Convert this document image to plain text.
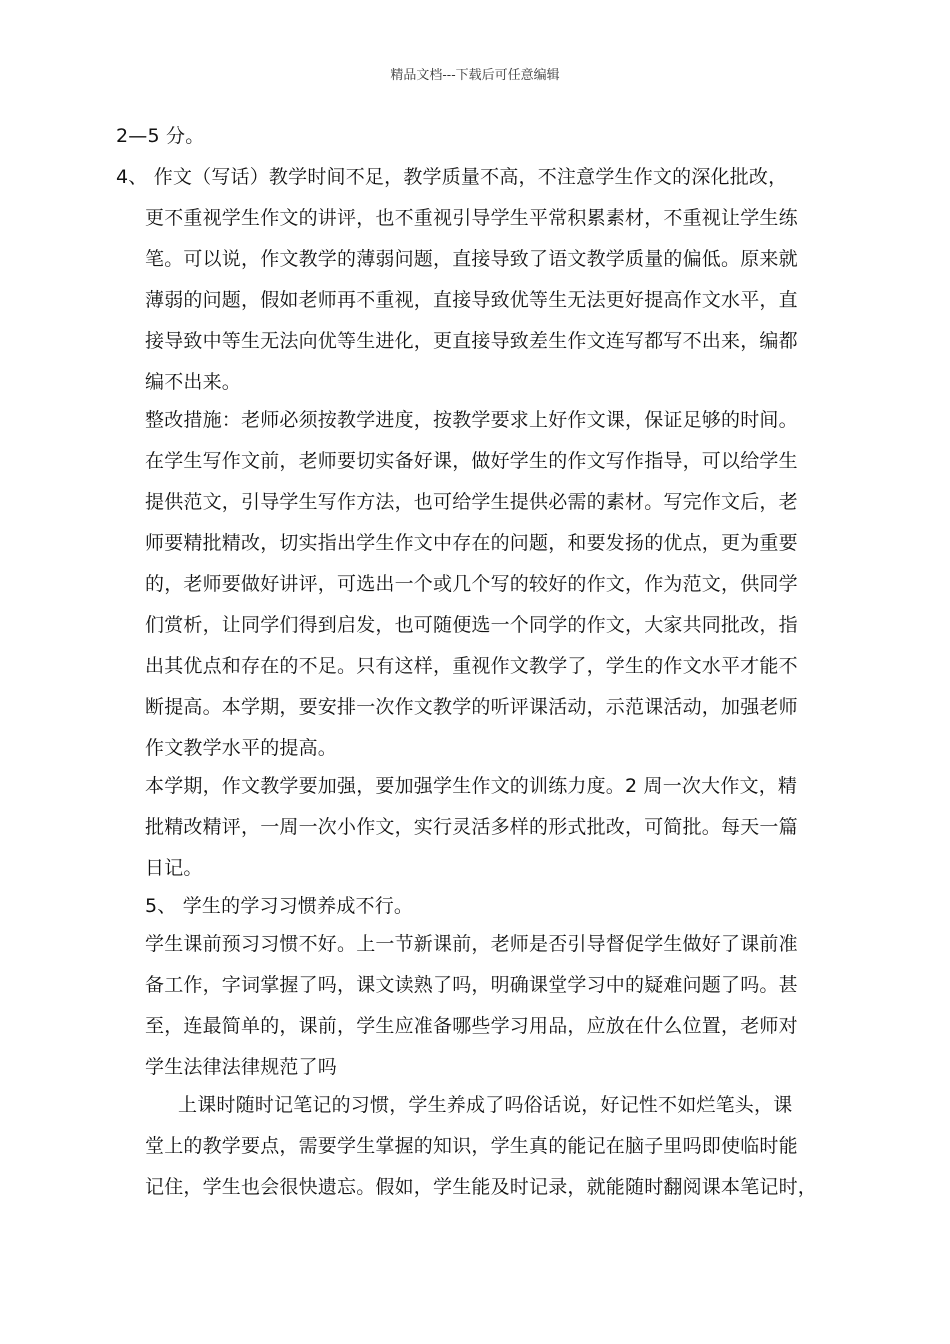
精品文档---下载后可任意编辑
2—5 分。
4、 作文（写话）教学时间不足，教学质量不高，不注意学生作文的深化批改，
更不重视学生作文的讲评，也不重视引导学生平常积累素材，不重视让学生练
笔。可以说，作文教学的薄弱问题，直接导致了语文教学质量的偏低。原来就
薄弱的问题，假如老师再不重视，直接导致优等生无法更好提高作文水平，直
接导致中等生无法向优等生进化，更直接导致差生作文连写都写不出来，编都
编不出来。
整改措施：老师必须按教学进度，按教学要求上好作文课，保证足够的时间。
在学生写作文前，老师要切实备好课，做好学生的作文写作指导，可以给学生
提供范文，引导学生写作方法，也可给学生提供必需的素材。写完作文后，老
师要精批精改，切实指出学生作文中存在的问题，和要发扬的优点，更为重要
的，老师要做好讲评，可选出一个或几个写的较好的作文，作为范文，供同学
们赏析，让同学们得到启发，也可随便选一个同学的作文，大家共同批改，指
出其优点和存在的不足。只有这样，重视作文教学了，学生的作文水平才能不
断提高。本学期，要安排一次作文教学的听评课活动，示范课活动，加强老师
作文教学水平的提高。
本学期，作文教学要加强，要加强学生作文的训练力度。2 周一次大作文，精
批精改精评，一周一次小作文，实行灵活多样的形式批改，可简批。每天一篇
日记。
5、 学生的学习习惯养成不行。
学生课前预习习惯不好。上一节新课前，老师是否引导督促学生做好了课前准
备工作，字词掌握了吗，课文读熟了吗，明确课堂学习中的疑难问题了吗。甚
至，连最简单的，课前，学生应准备哪些学习用品，应放在什么位置，老师对
学生法律法律规范了吗
上课时随时记笔记的习惯，学生养成了吗俗话说，好记性不如烂笔头，课
堂上的教学要点，需要学生掌握的知识，学生真的能记在脑子里吗即使临时能
记住，学生也会很快遗忘。假如，学生能及时记录，就能随时翻阅课本笔记时，
